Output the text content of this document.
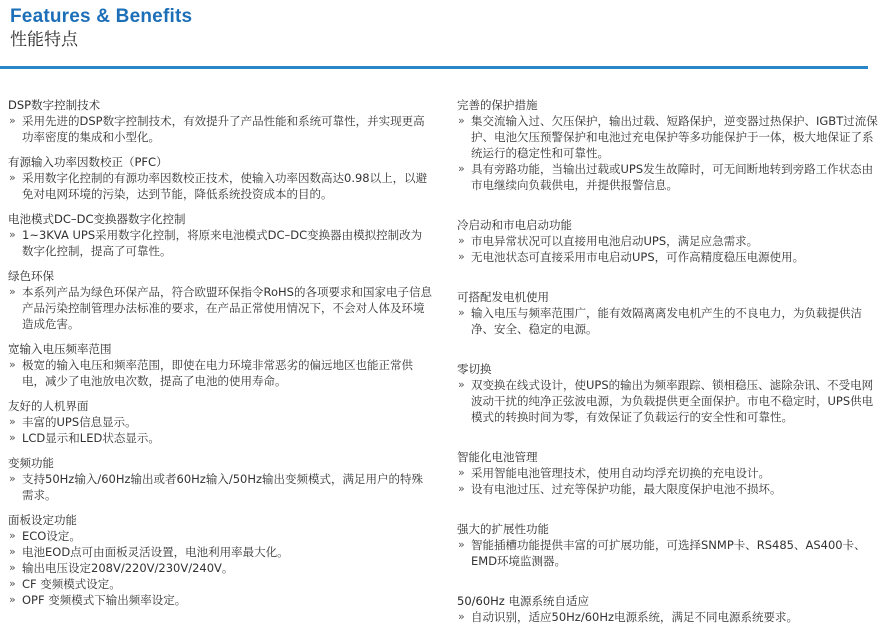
Features & Benefits
性能特点
DSP数字控制技术
» 采用先进的DSP数字控制技术，有效提升了产品性能和系统可靠性，并实现更高功率密度的集成和小型化。
有源输入功率因数校正（PFC）
» 采用数字化控制的有源功率因数校正技术，使输入功率因数高达0.98以上，以避免对电网环境的污染，达到节能，降低系统投资成本的目的。
电池模式DC–DC变换器数字化控制
» 1~3KVA UPS采用数字化控制，将原来电池模式DC–DC变换器由模拟控制改为数字化控制，提高了可靠性。
绿色环保
» 本系列产品为绿色环保产品，符合欧盟环保指令RoHS的各项要求和国家电子信息产品污染控制管理办法标准的要求，在产品正常使用情况下，不会对人体及环境造成危害。
宽输入电压频率范围
» 极宽的输入电压和频率范围，即使在电力环境非常恶劣的偏远地区也能正常供电，减少了电池放电次数，提高了电池的使用寿命。
友好的人机界面
» 丰富的UPS信息显示。
» LCD显示和LED状态显示。
变频功能
» 支持50Hz输入/60Hz输出或者60Hz输入/50Hz输出变频模式，满足用户的特殊需求。
面板设定功能
» ECO设定。
» 电池EOD点可由面板灵活设置，电池利用率最大化。
» 输出电压设定208V/220V/230V/240V。
» CF 变频模式设定。
» OPF 变频模式下输出频率设定。
完善的保护措施
» 集交流输入过、欠压保护，输出过载、短路保护，逆变器过热保护、IGBT过流保护、电池欠压预警保护和电池过充电保护等多功能保护于一体，极大地保证了系统运行的稳定性和可靠性。
» 具有旁路功能，当输出过载或UPS发生故障时，可无间断地转到旁路工作状态由市电继续向负载供电，并提供报警信息。
冷启动和市电启动功能
» 市电异常状况可以直接用电池启动UPS，满足应急需求。
» 无电池状态可直接采用市电启动UPS，可作高精度稳压电源使用。
可搭配发电机使用
» 输入电压与频率范围广，能有效隔离离发电机产生的不良电力，为负载提供洁净、安全、稳定的电源。
零切换
» 双变换在线式设计，使UPS的输出为频率跟踪、锁相稳压、滤除杂讯、不受电网波动干扰的纯净正弦波电源，为负载提供更全面保护。市电不稳定时，UPS供电模式的转换时间为零，有效保证了负载运行的安全性和可靠性。
智能化电池管理
» 采用智能电池管理技术，使用自动均浮充切换的充电设计。
» 设有电池过压、过充等保护功能，最大限度保护电池不损坏。
强大的扩展性功能
» 智能插槽功能提供丰富的可扩展功能，可选择SNMP卡、RS485、AS400卡、EMD环境监测器。
50/60Hz 电源系统自适应
» 自动识别，适应50Hz/60Hz电源系统，满足不同电源系统要求。
